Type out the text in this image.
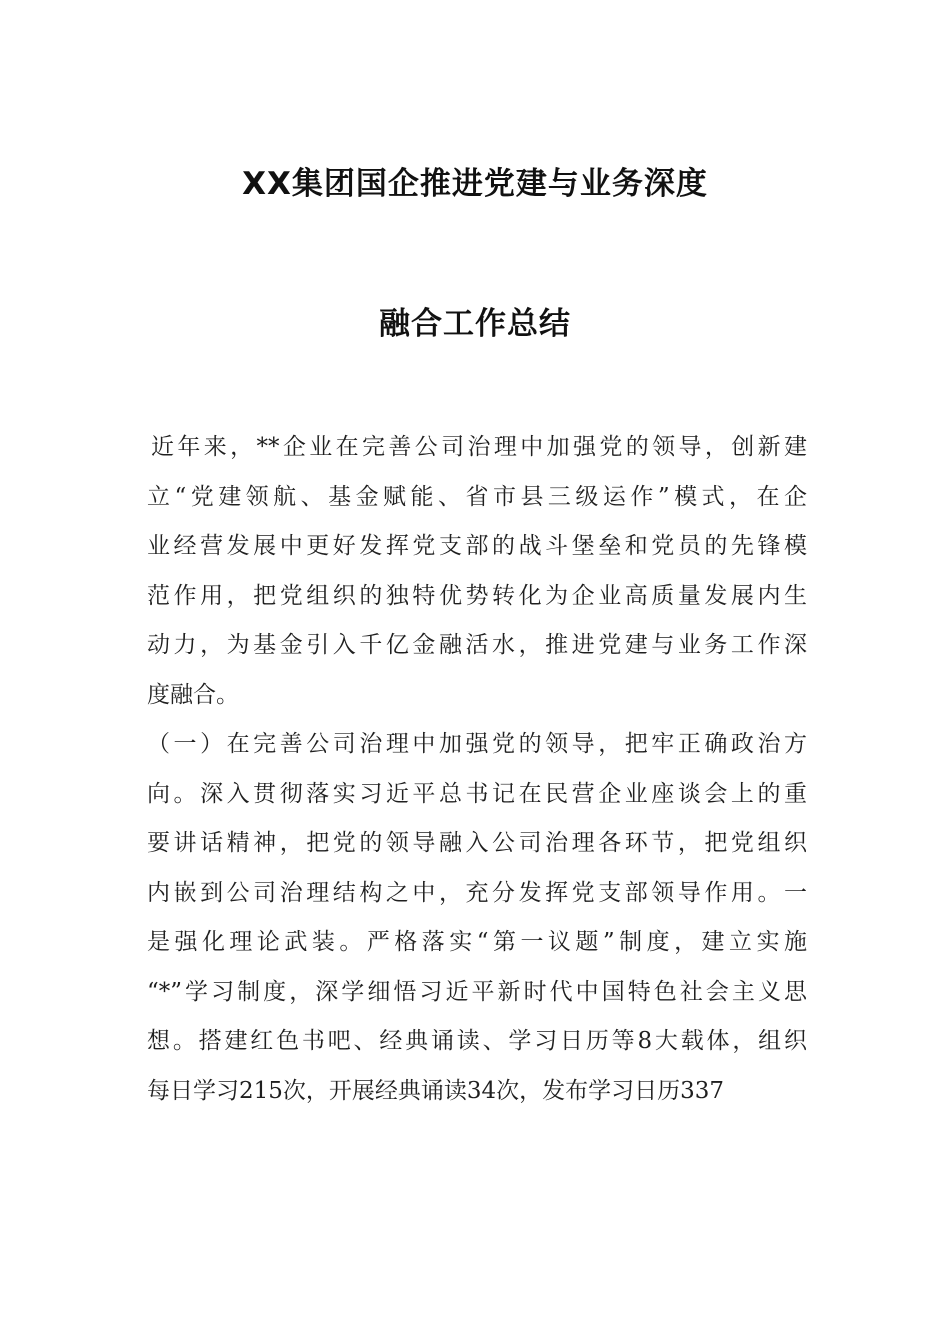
XX集团国企推进党建与业务深度
融合工作总结
近年来，**企业在完善公司治理中加强党的领导，创新建
立“党建领航、基金赋能、省市县三级运作”模式，在企
业经营发展中更好发挥党支部的战斗堡垒和党员的先锋模
范作用，把党组织的独特优势转化为企业高质量发展内生
动力，为基金引入千亿金融活水，推进党建与业务工作深
度融合。
（一）在完善公司治理中加强党的领导，把牢正确政治方
向。深入贯彻落实习近平总书记在民营企业座谈会上的重
要讲话精神，把党的领导融入公司治理各环节，把党组织
内嵌到公司治理结构之中，充分发挥党支部领导作用。一
是强化理论武装。严格落实“第一议题”制度，建立实施
“*”学习制度，深学细悟习近平新时代中国特色社会主义思
想。搭建红色书吧、经典诵读、学习日历等8大载体，组织
每日学习215次，开展经典诵读34次，发布学习日历337
